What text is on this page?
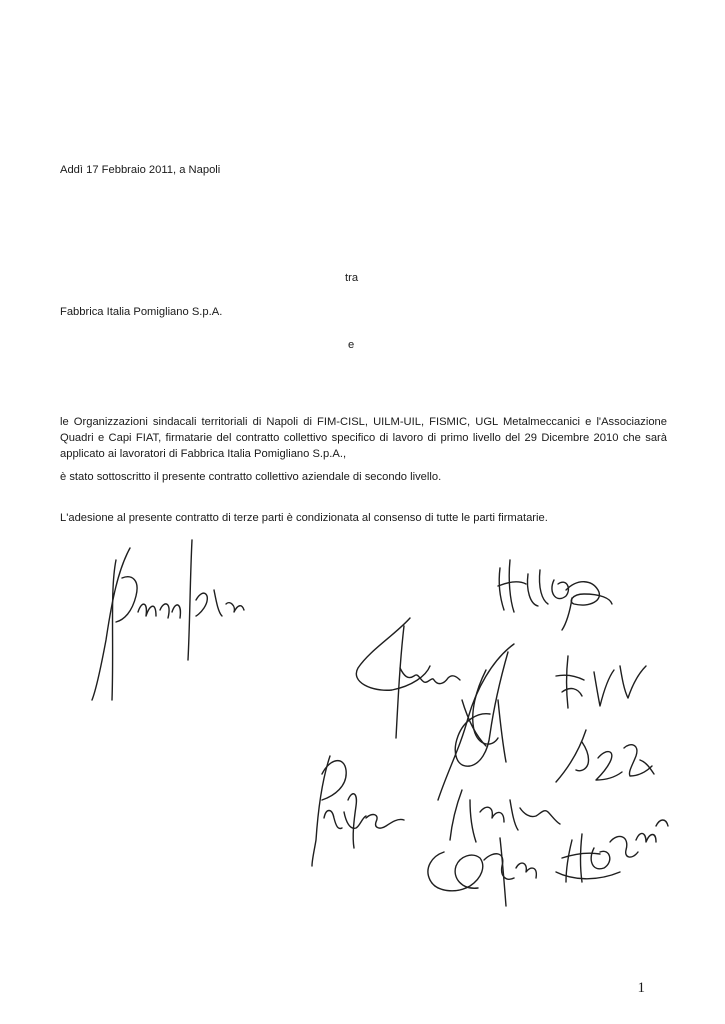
Addì 17 Febbraio 2011, a Napoli

tra

Fabbrica Italia Pomigliano S.p.A.

e

le Organizzazioni sindacali territoriali di Napoli di FIM-CISL, UILM-UIL, FISMIC, UGL Metalmeccanici e l'Associazione Quadri e Capi FIAT, firmatarie del contratto collettivo specifico di lavoro di primo livello del 29 Dicembre 2010 che sarà applicato ai lavoratori di Fabbrica Italia Pomigliano S.p.A.,

è stato sottoscritto il presente contratto collettivo aziendale di secondo livello.

L'adesione al presente contratto di terze parti è condizionata al consenso di tutte le parti firmatarie.

1
